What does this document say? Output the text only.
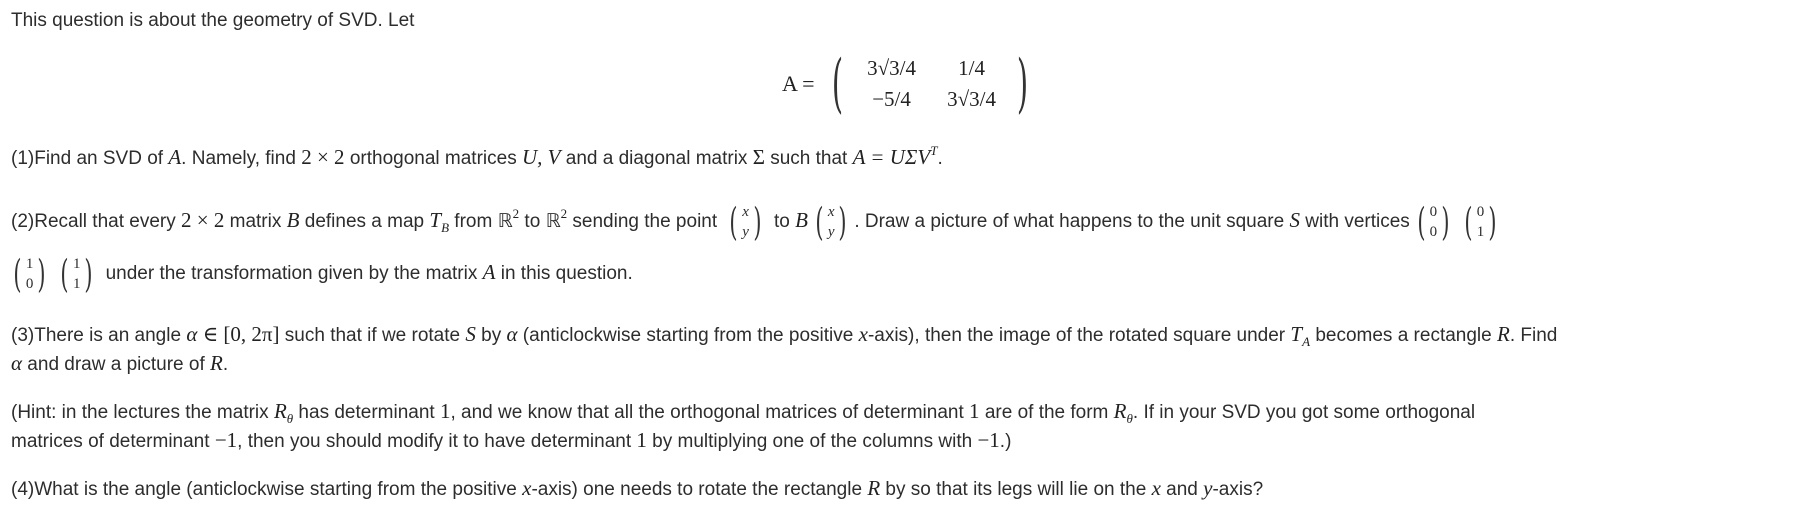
This question is about the geometry of SVD. Let
A = (	3√3/4	1/4
−5/4	3√3/4 )
(1)Find an SVD of A. Namely, find 2 × 2 orthogonal matrices U, V and a diagonal matrix Σ such that $A = U\Sigma V^T$.
(2)Recall that every 2 × 2 matrix B defines a map $T_B$ from ℝ$^2$ to ℝ$^2$ sending the point ( x
y ) to B ( x
y ) . Draw a picture of what happens to the unit square S with vertices ( 0
0 ) ( 0
1 )
( 1
0 ) ( 1
1 ) under the transformation given by the matrix A in this question.
(3)There is an angle α ∈ [0, 2π] such that if we rotate S by α (anticlockwise starting from the positive x-axis), then the image of the rotated square under $T_A$ becomes a rectangle R. Find
α and draw a picture of R.
(Hint: in the lectures the matrix $R_\theta$ has determinant 1, and we know that all the orthogonal matrices of determinant 1 are of the form $R_\theta$. If in your SVD you got some orthogonal
matrices of determinant −1, then you should modify it to have determinant 1 by multiplying one of the columns with −1.)
(4)What is the angle (anticlockwise starting from the positive x-axis) one needs to rotate the rectangle R by so that its legs will lie on the x and y-axis?
